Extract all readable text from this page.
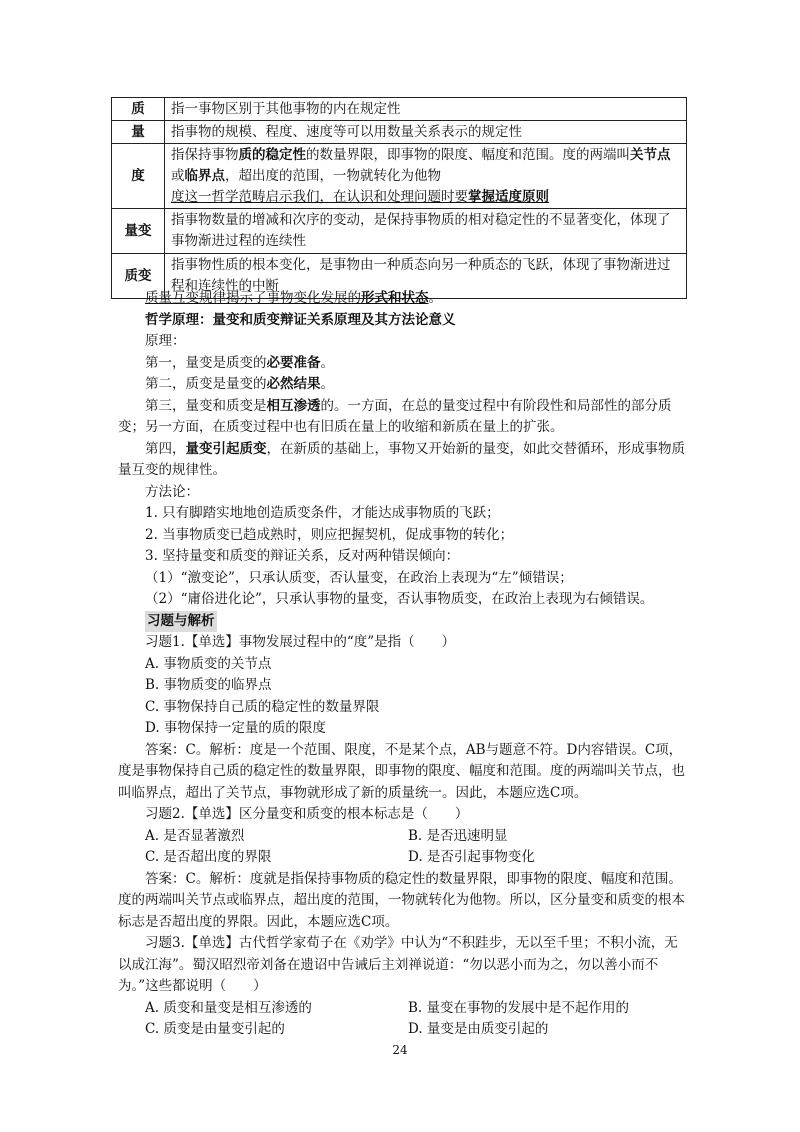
质	指一事物区别于其他事物的内在规定性
量	指事物的规模、程度、速度等可以用数量关系表示的规定性
度	指保持事物质的稳定性的数量界限，即事物的限度、幅度和范围。度的两端叫关节点或临界点，超出度的范围，一物就转化为他物
度这一哲学范畴启示我们，在认识和处理问题时要掌握适度原则
量变	指事物数量的增减和次序的变动，是保持事物质的相对稳定性的不显著变化，体现了事物渐进过程的连续性
质变	指事物性质的根本变化，是事物由一种质态向另一种质态的飞跃，体现了事物渐进过程和连续性的中断

质量互变规律揭示了事物变化发展的形式和状态。

哲学原理：量变和质变辩证关系原理及其方法论意义

原理：

第一，量变是质变的必要准备。

第二，质变是量变的必然结果。

第三，量变和质变是相互渗透的。一方面，在总的量变过程中有阶段性和局部性的部分质变；另一方面，在质变过程中也有旧质在量上的收缩和新质在量上的扩张。

第四，量变引起质变，在新质的基础上，事物又开始新的量变，如此交替循环，形成事物质量互变的规律性。

方法论：

1. 只有脚踏实地地创造质变条件，才能达成事物质的飞跃；

2. 当事物质变已趋成熟时，则应把握契机，促成事物的转化；

3. 坚持量变和质变的辩证关系，反对两种错误倾向：

（1）“激变论”，只承认质变，否认量变，在政治上表现为“左”倾错误；

（2）“庸俗进化论”，只承认事物的量变，否认事物质变，在政治上表现为右倾错误。

习题与解析

习题1.【单选】事物发展过程中的“度”是指（　　）

A. 事物质变的关节点

B. 事物质变的临界点

C. 事物保持自己质的稳定性的数量界限

D. 事物保持一定量的质的限度

答案：C。解析：度是一个范围、限度，不是某个点，AB与题意不符。D内容错误。C项，度是事物保持自己质的稳定性的数量界限，即事物的限度、幅度和范围。度的两端叫关节点，也叫临界点，超出了关节点，事物就形成了新的质量统一。因此，本题应选C项。

习题2.【单选】区分量变和质变的根本标志是（　　）

A. 是否显著激烈	B. 是否迅速明显
C. 是否超出度的界限	D. 是否引起事物变化

答案：C。解析：度就是指保持事物质的稳定性的数量界限，即事物的限度、幅度和范围。度的两端叫关节点或临界点，超出度的范围，一物就转化为他物。所以，区分量变和质变的根本标志是否超出度的界限。因此，本题应选C项。

习题3.【单选】古代哲学家荀子在《劝学》中认为“不积跬步，无以至千里；不积小流，无以成江海”。蜀汉昭烈帝刘备在遗诏中告诫后主刘禅说道：“勿以恶小而为之，勿以善小而不为。”这些都说明（　　）

A. 质变和量变是相互渗透的	B. 量变在事物的发展中是不起作用的
C. 质变是由量变引起的	D. 量变是由质变引起的
24
